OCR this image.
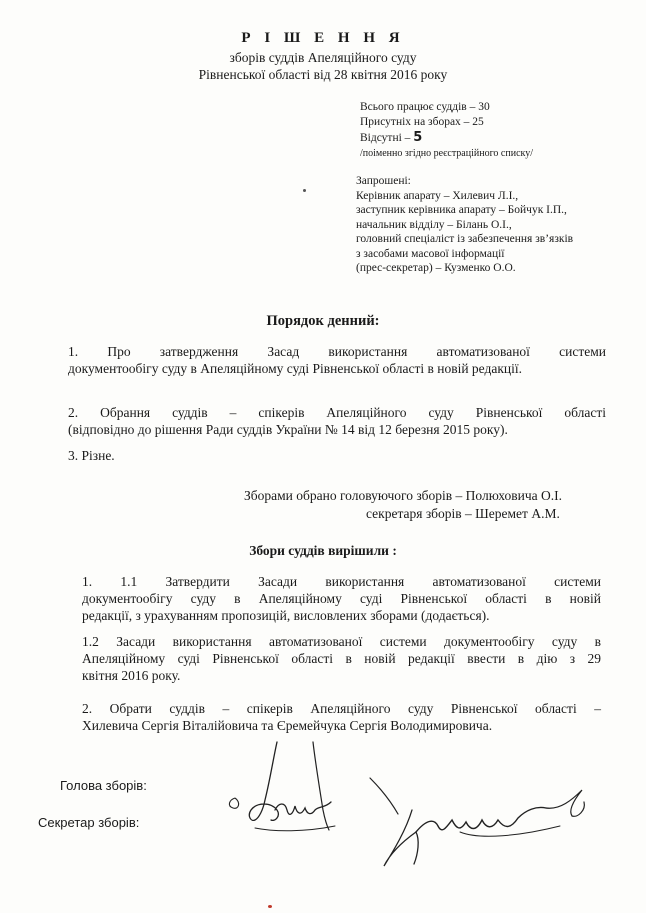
Р І Ш Е Н Н Я
зборів суддів Апеляційного суду
Рівненської області від 28 квітня 2016 року
Всього працює суддів – 30
Присутніх на зборах – 25
Відсутні – 5
/поіменно згідно реєстраційного списку/
Запрошені:
Керівник апарату – Хилевич Л.І.,
заступник керівника апарату – Бойчук І.П.,
начальник відділу – Білань О.І.,
головний спеціаліст із забезпечення зв’язків
з засобами масової інформації
(прес-секретар) – Кузменко О.О.
Порядок денний:
1. Про затвердження Засад використання автоматизованої системи
документообігу суду в Апеляційному суді Рівненської області в новій редакції.
2. Обрання суддів – спікерів Апеляційного суду Рівненської області
(відповідно до рішення Ради суддів України № 14 від 12 березня 2015 року).
3. Різне.
Зборами обрано головуючого зборів – Полюховича О.І.
секретаря зборів – Шеремет А.М.
Збори суддів вирішили :
1. 1.1 Затвердити Засади використання автоматизованої системи
документообігу суду в Апеляційному суді Рівненської області в новій
редакції, з урахуванням пропозицій, висловлених зборами (додається).
1.2 Засади використання автоматизованої системи документообігу суду в
Апеляційному суді Рівненської області в новій редакції ввести в дію з 29
квітня 2016 року.
2. Обрати суддів – спікерів Апеляційного суду Рівненської області –
Хилевича Сергія Віталійовича та Єремейчука Сергія Володимировича.
Голова зборів:
Секретар зборів:
